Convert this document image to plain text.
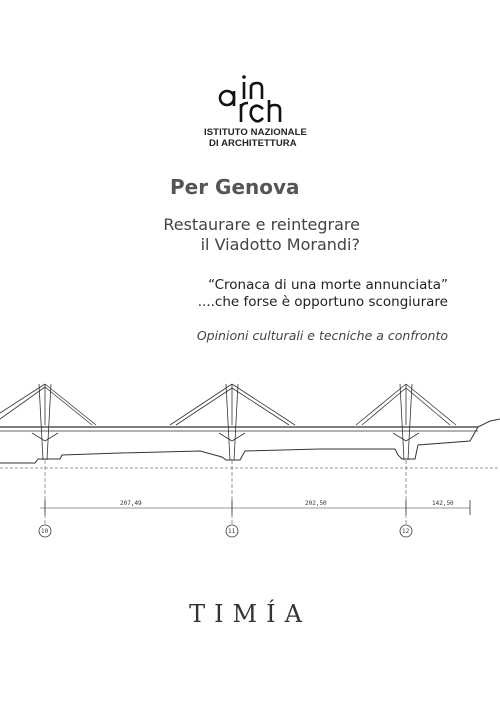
ISTITUTO NAZIONALE
DI ARCHITETTURA
Per Genova
Restaurare e reintegrare
il Viadotto Morandi?
“Cronaca di una morte annunciata”
....che forse è opportuno scongiurare
Opinioni culturali e tecniche a confronto
207,49	202,50	142,50
10	11	12
TIMÍA
